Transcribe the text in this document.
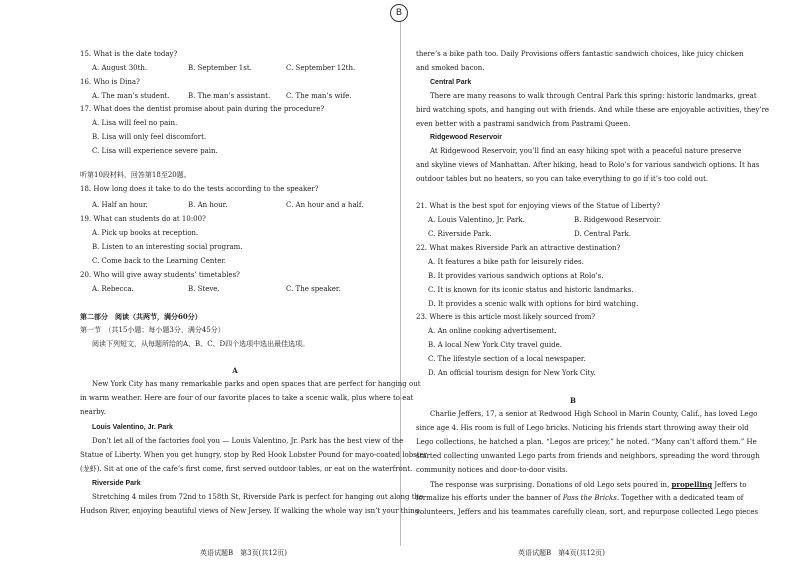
B
15. What is the date today?
A. August 30th.	B. September 1st.	C. September 12th.
16. Who is Dina?
A. The man’s student.	B. The man’s assistant. C. The man’s wife.
17. What does the dentist promise about pain during the procedure?
A. Lisa will feel no pain.
B. Lisa will only feel discomfort.
C. Lisa will experience severe pain.
听第10段材料，回答第18至20题。
18. How long does it take to do the tests according to the speaker?
A. Half an hour.	B. An hour.	C. An hour and a half.
19. What can students do at 10:00?
A. Pick up books at reception.
B. Listen to an interesting social program.
C. Come back to the Learning Center.
20. Who will give away students’ timetables?
A. Rebecca.	B. Steve.	C. The speaker.
第二部分　阅读（共两节，满分60分）
第一节　（共15小题；每小题3分，满分45分）
阅读下列短文，从每题所给的A、B、C、D四个选项中选出最佳选项。
A
New York City has many remarkable parks and open spaces that are perfect for hanging out
in warm weather. Here are four of our favorite places to take a scenic walk, plus where to eat
nearby.
Louis Valentino, Jr. Park
Don’t let all of the factories fool you — Louis Valentino, Jr. Park has the best view of the
Statue of Liberty. When you get hungry, stop by Red Hook Lobster Pound for mayo-coated lobster
(龙虾). Sit at one of the cafe’s first come, first served outdoor tables, or eat on the waterfront.
Riverside Park
Stretching 4 miles from 72nd to 158th St, Riverside Park is perfect for hanging out along the
Hudson River, enjoying beautiful views of New Jersey. If walking the whole way isn’t your thing,
英语试题B　第3页(共12页)
there’s a bike path too. Daily Provisions offers fantastic sandwich choices, like juicy chicken
and smoked bacon.
Central Park
There are many reasons to walk through Central Park this spring: historic landmarks, great
bird watching spots, and hanging out with friends. And while these are enjoyable activities, they’re
even better with a pastrami sandwich from Pastrami Queen.
Ridgewood Reservoir
At Ridgewood Reservoir, you’ll find an easy hiking spot with a peaceful nature preserve
and skyline views of Manhattan. After hiking, head to Rolo’s for various sandwich options. It has
outdoor tables but no heaters, so you can take everything to go if it’s too cold out.
21. What is the best spot for enjoying views of the Statue of Liberty?
A. Louis Valentino, Jr. Park.	B. Ridgewood Reservoir.
C. Riverside Park.	D. Central Park.
22. What makes Riverside Park an attractive destination?
A. It features a bike path for leisurely rides.
B. It provides various sandwich options at Rolo’s.
C. It is known for its iconic status and historic landmarks.
D. It provides a scenic walk with options for bird watching.
23. Where is this article most likely sourced from?
A. An online cooking advertisement.
B. A local New York City travel guide.
C. The lifestyle section of a local newspaper.
D. An official tourism design for New York City.
B
Charlie Jeffers, 17, a senior at Redwood High School in Marin County, Calif., has loved Lego
since age 4. His room is full of Lego bricks. Noticing his friends start throwing away their old
Lego collections, he hatched a plan. “Legos are pricey,” he noted. “Many can’t afford them.” He
started collecting unwanted Lego parts from friends and neighbors, spreading the word through
community notices and door-to-door visits.
The response was surprising. Donations of old Lego sets poured in, propelling Jeffers to
formalize his efforts under the banner of Pass the Bricks. Together with a dedicated team of
volunteers, Jeffers and his teammates carefully clean, sort, and repurpose collected Lego pieces
英语试题B　第4页(共12页)
